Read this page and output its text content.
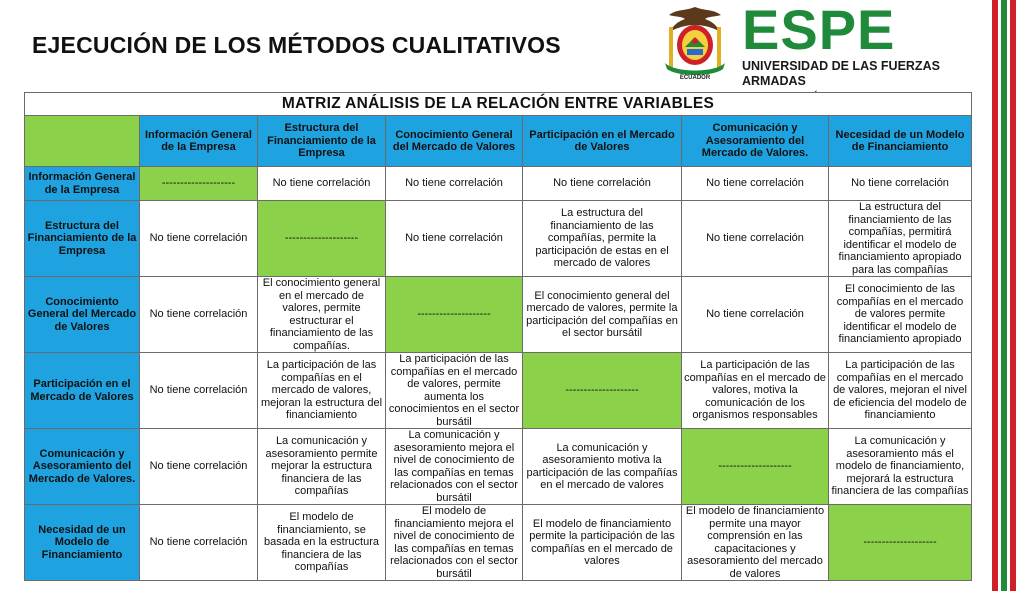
EJECUCIÓN DE LOS MÉTODOS CUALITATIVOS
ECUADOR
ESPE
UNIVERSIDAD DE LAS FUERZAS ARMADAS
MATRIZ ANÁLISIS DE LA RELACIÓN ENTRE VARIABLES						
	Información General de la Empresa	Estructura del Financiamiento de la Empresa	Conocimiento General del Mercado de Valores	Participación en el Mercado de Valores	Comunicación y Asesoramiento del Mercado de Valores.	Necesidad de un Modelo de Financiamiento
Información General de la Empresa	--------------------	No tiene correlación	No tiene correlación	No tiene correlación	No tiene correlación	No tiene correlación
Estructura del Financiamiento de la Empresa	No tiene correlación	--------------------	No tiene correlación	La estructura del financiamiento de las compañías, permite la participación de estas en el mercado de valores	No tiene correlación	La estructura del financiamiento de las compañías, permitirá identificar el modelo de financiamiento apropiado para las compañías
Conocimiento General del Mercado de Valores	No tiene correlación	El conocimiento general en el mercado de valores, permite estructurar el financiamiento de las compañías.	--------------------	El conocimiento general del mercado de valores, permite la participación del compañías en el sector bursátil	No tiene correlación	El conocimiento de las compañías en el mercado de valores permite identificar el modelo de financiamiento apropiado
Participación en el Mercado de Valores	No tiene correlación	La participación de las compañías en el mercado de valores, mejoran la estructura del financiamiento	La participación de las compañías en el mercado de valores, permite aumenta los conocimientos en el sector bursátil	--------------------	La participación de las compañías en el mercado de valores, motiva la comunicación de los organismos responsables	La participación de las compañías en el mercado de valores, mejoran el nivel de eficiencia del modelo de financiamiento
Comunicación y Asesoramiento del Mercado de Valores.	No tiene correlación	La comunicación y asesoramiento permite mejorar la estructura financiera de las compañías	La comunicación y asesoramiento mejora el nivel de conocimiento de las compañías en temas relacionados con el sector bursátil	La comunicación y asesoramiento motiva la participación de las compañías en el mercado de valores	--------------------	La comunicación y asesoramiento más el modelo de financiamiento, mejorará la estructura financiera de las compañías
Necesidad de un Modelo de Financiamiento	No tiene correlación	El modelo de financiamiento, se basada en la estructura financiera de las compañías	El modelo de financiamiento mejora el nivel de conocimiento de las compañías en temas relacionados con el sector bursátil	El modelo de financiamiento permite la participación de las compañías en el mercado de valores	El modelo de financiamiento permite una mayor comprensión en las capacitaciones y asesoramiento del mercado de valores	--------------------
